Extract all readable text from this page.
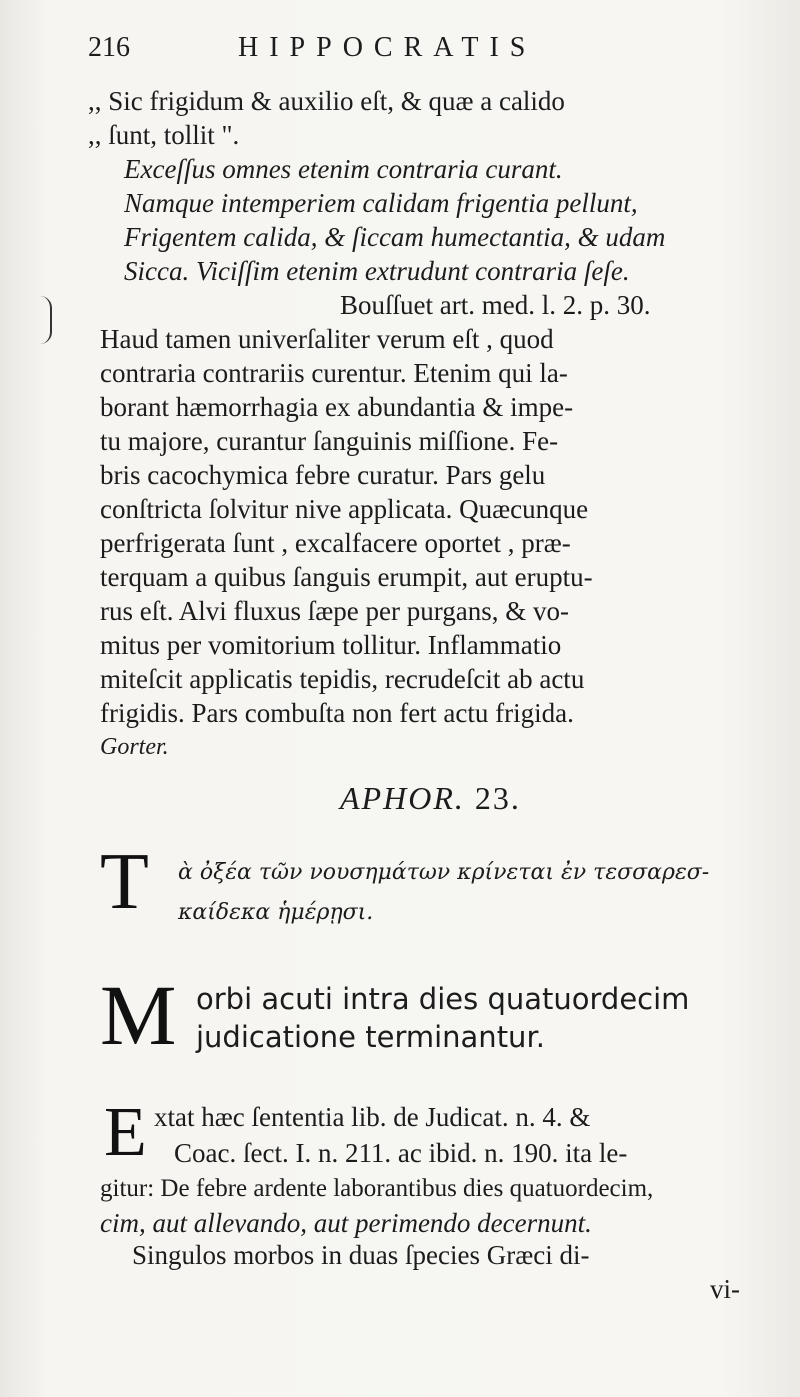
216	HIPPOCRATIS
,, Sic frigidum & auxilio eſt, & quæ a calido
,, ſunt, tollit ".
Exceſſus omnes etenim contraria curant.
Namque intemperiem calidam frigentia pellunt,
Frigentem calida, & ſiccam humectantia, & udam
Sicca. Viciſſim etenim extrudunt contraria ſeſe.
Bouſſuet art. med. l. 2. p. 30.
Haud tamen univerſaliter verum eſt , quod
contraria contrariis curentur. Etenim qui la-
borant hæmorrhagia ex abundantia & impe-
tu majore, curantur ſanguinis miſſione. Fe-
bris cacochymica febre curatur. Pars gelu
conſtricta ſolvitur nive applicata. Quæcunque
perfrigerata ſunt , excalfacere oportet , præ-
terquam a quibus ſanguis erumpit, aut eruptu-
rus eſt. Alvi fluxus ſæpe per purgans, & vo-
mitus per vomitorium tollitur. Inflammatio
miteſcit applicatis tepidis, recrudeſcit ab actu
frigidis. Pars combuſta non fert actu frigida.
Gorter.
APHOR. 23.
T ὰ ὀξέα τῶν νουσημάτων κρίνεται ἐν τεσσαρεσ-
καίδεκα ἡμέρῃσι.
M orbi acuti intra dies quatuordecim
judicatione terminantur.
E xtat hæc ſententia lib. de Judicat. n. 4. &
Coac. ſect. I. n. 211. ac ibid. n. 190. ita le-
gitur: De febre ardente laborantibus dies quatuordecim,
cim, aut allevando, aut perimendo decernunt.
Singulos morbos in duas ſpecies Græci di-
vi-
